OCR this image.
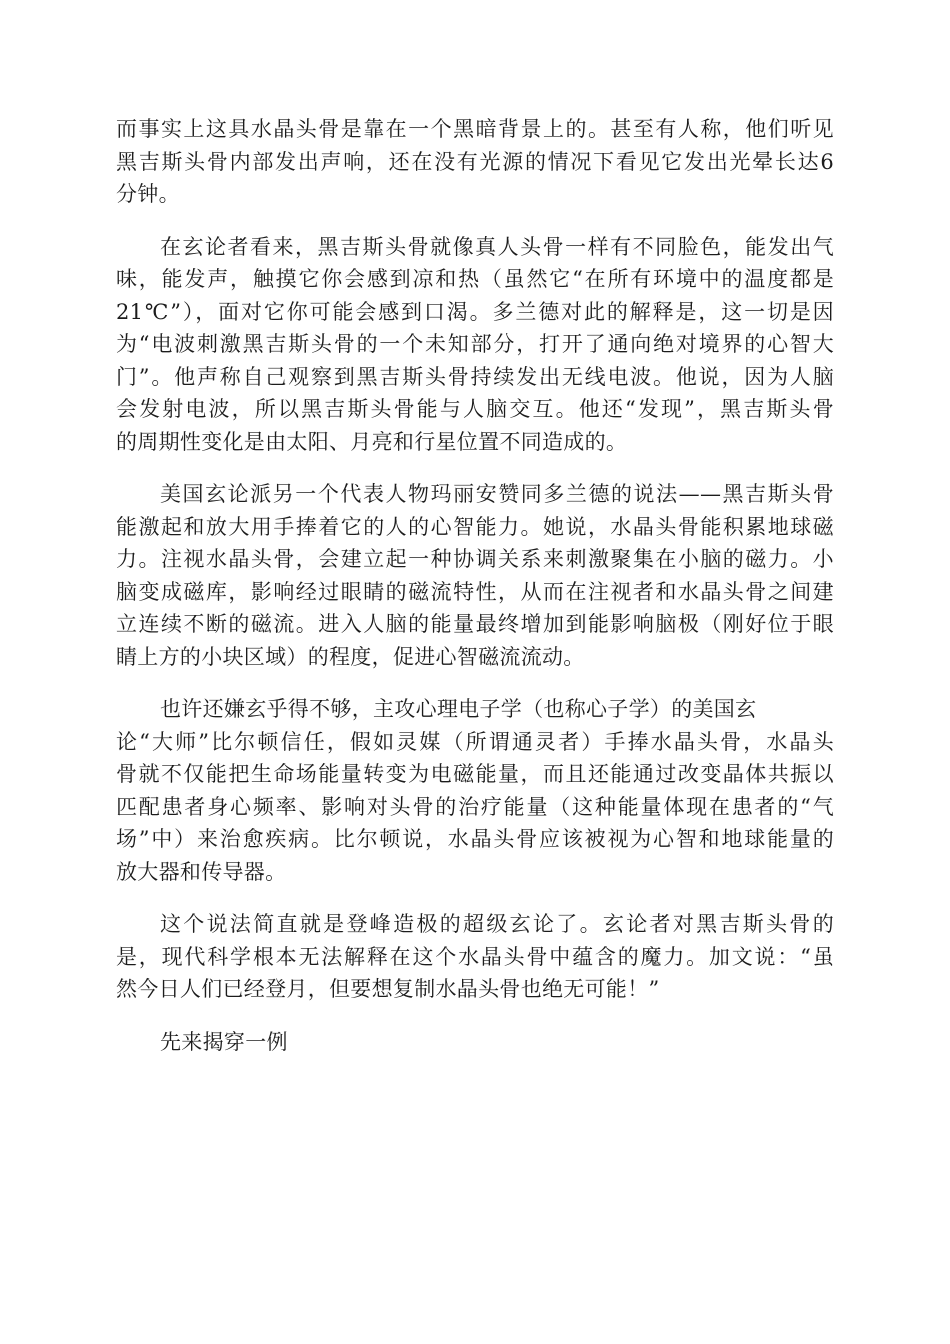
而事实上这具水晶头骨是靠在一个黑暗背景上的。甚至有人称，他们听见
黑吉斯头骨内部发出声响，还在没有光源的情况下看见它发出光晕长达6
分钟。

在玄论者看来，黑吉斯头骨就像真人头骨一样有不同脸色，能发出气
味，能发声，触摸它你会感到凉和热（虽然它“在所有环境中的温度都是
21℃”），面对它你可能会感到口渴。多兰德对此的解释是，这一切是因
为“电波刺激黑吉斯头骨的一个未知部分，打开了通向绝对境界的心智大
门”。他声称自己观察到黑吉斯头骨持续发出无线电波。他说，因为人脑
会发射电波，所以黑吉斯头骨能与人脑交互。他还“发现”，黑吉斯头骨
的周期性变化是由太阳、月亮和行星位置不同造成的。

美国玄论派另一个代表人物玛丽安赞同多兰德的说法——黑吉斯头骨
能激起和放大用手捧着它的人的心智能力。她说，水晶头骨能积累地球磁
力。注视水晶头骨，会建立起一种协调关系来刺激聚集在小脑的磁力。小
脑变成磁库，影响经过眼睛的磁流特性，从而在注视者和水晶头骨之间建
立连续不断的磁流。进入人脑的能量最终增加到能影响脑极（刚好位于眼
睛上方的小块区域）的程度，促进心智磁流流动。

也许还嫌玄乎得不够，主攻心理电子学（也称心子学）的美国玄
论“大师”比尔顿信任，假如灵媒（所谓通灵者）手捧水晶头骨，水晶头
骨就不仅能把生命场能量转变为电磁能量，而且还能通过改变晶体共振以
匹配患者身心频率、影响对头骨的治疗能量（这种能量体现在患者的“气
场”中）来治愈疾病。比尔顿说，水晶头骨应该被视为心智和地球能量的
放大器和传导器。

这个说法简直就是登峰造极的超级玄论了。玄论者对黑吉斯头骨的
是，现代科学根本无法解释在这个水晶头骨中蕴含的魔力。加文说：“虽
然今日人们已经登月，但要想复制水晶头骨也绝无可能！”

先来揭穿一例
